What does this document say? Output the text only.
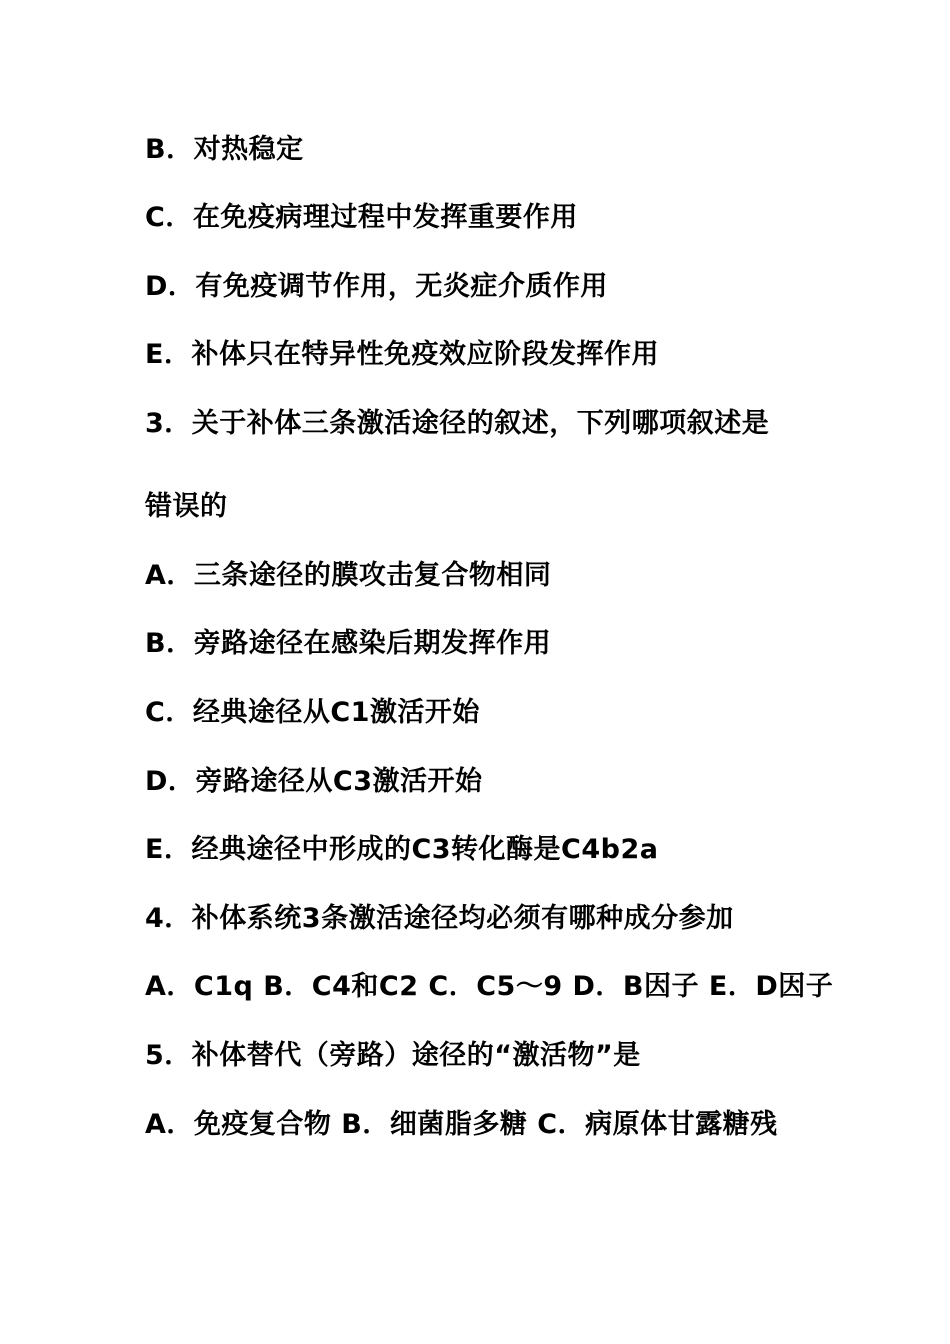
B．对热稳定
C．在免疫病理过程中发挥重要作用
D．有免疫调节作用，无炎症介质作用
E．补体只在特异性免疫效应阶段发挥作用
3．关于补体三条激活途径的叙述，下列哪项叙述是
错误的
A．三条途径的膜攻击复合物相同
B．旁路途径在感染后期发挥作用
C．经典途径从C1激活开始
D．旁路途径从C3激活开始
E．经典途径中形成的C3转化酶是C4b2a
4．补体系统3条激活途径均必须有哪种成分参加
A．C1q B．C4和C2 C．C5～9 D．B因子 E．D因子
5．补体替代（旁路）途径的“激活物”是
A．免疫复合物 B．细菌脂多糖 C．病原体甘露糖残
